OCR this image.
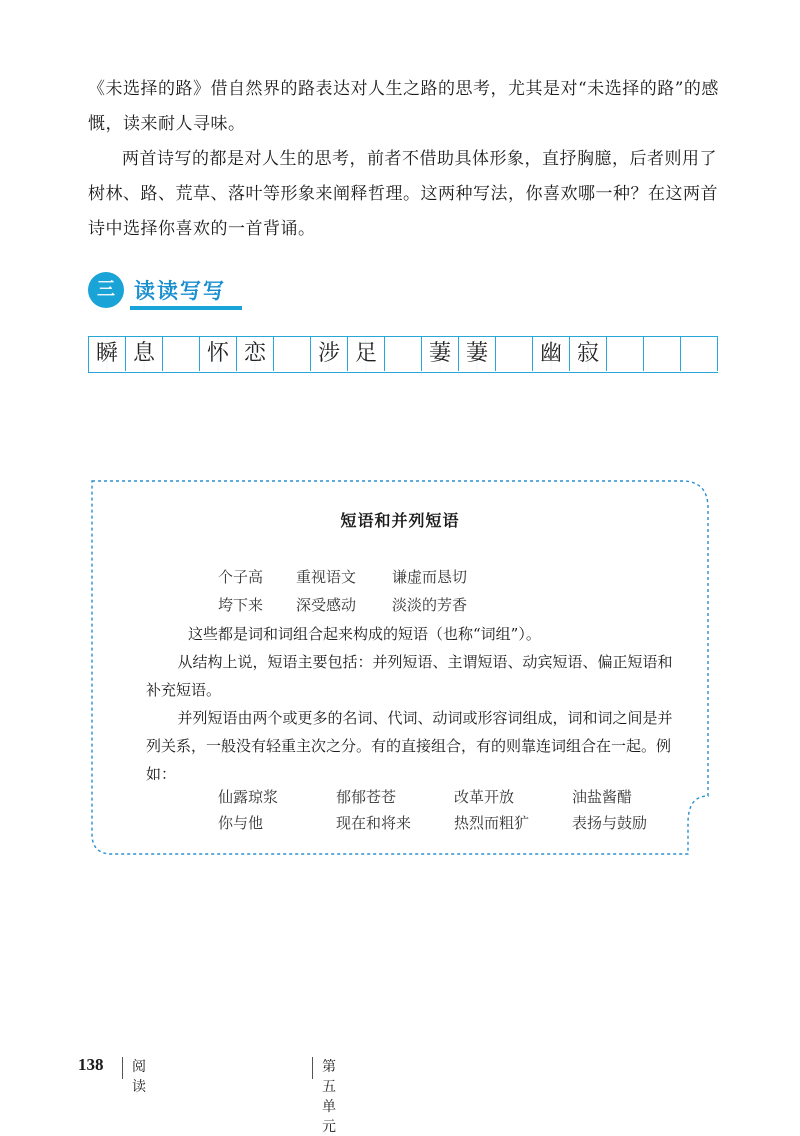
《未选择的路》借自然界的路表达对人生之路的思考，尤其是对“未选择的路”的感慨，读来耐人寻味。

两首诗写的都是对人生的思考，前者不借助具体形象，直抒胸臆，后者则用了树林、路、荒草、落叶等形象来阐释哲理。这两种写法，你喜欢哪一种？在这两首诗中选择你喜欢的一首背诵。

三 读读写写
瞬 息	怀 恋	涉 足	萋 萋	幽 寂
短语和并列短语
个子高	重视语文	谦虚而恳切
垮下来	深受感动	淡淡的芳香

这些都是词和词组合起来构成的短语（也称“词组”）。

从结构上说，短语主要包括：并列短语、主谓短语、动宾短语、偏正短语和补充短语。

并列短语由两个或更多的名词、代词、动词或形容词组成，词和词之间是并列关系，一般没有轻重主次之分。有的直接组合，有的则靠连词组合在一起。例如：

仙露琼浆	郁郁苍苍	改革开放	油盐酱醋
你与他	现在和将来	热烈而粗犷	表扬与鼓励
138 阅 读
第五单元
